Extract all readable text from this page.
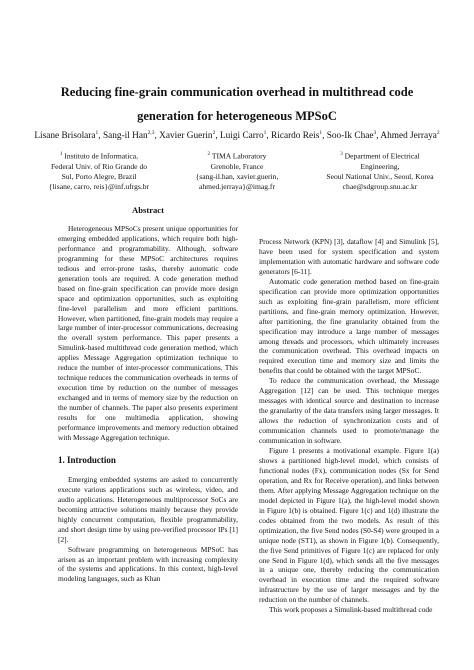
Reducing fine-grain communication overhead in multithread code
generation for heterogeneous MPSoC
Lisane Brisolara$^1$, Sang-il Han$^{2,3}$, Xavier Guerin$^2$, Luigi Carro$^1$, Ricardo Reis$^1$, Soo-Ik Chae$^3$, Ahmed Jerraya$^2$
$^1$ Instituto de Informatica,
Federal Univ. of Rio Grande do
Sul, Porto Alegre, Brazil
{lisane, carro, reis}@inf.ufrgs.br
$^2$ TIMA Laboratory
Grenoble, France
{sang-il.han, xavier.guerin,
ahmed.jerraya}@imag.fr
$^3$ Department of Electrical
Engineering,
Seoul National Univ., Seoul, Korea
chae@sdgroup.snu.ac.kr
Abstract

Heterogeneous MPSoCs present unique opportunities for emerging embedded applications, which require both high-performance and programmability. Although, software programming for these MPSoC architectures requires tedious and error-prone tasks, thereby automatic code generation tools are required. A code generation method based on fine-grain specification can provide more design space and optimization opportunities, such as exploiting fine-level parallelism and more efficient partitions. However, when partitioned, fine-grain models may require a large number of inter-processor communications, decreasing the overall system performance. This paper presents a Simulink-based multithread code generation method, which applies Message Aggregation optimization technique to reduce the number of inter-processor communications. This technique reduces the communication overheads in terms of execution time by reduction on the number of messages exchanged and in terms of memory size by the reduction on the number of channels. The paper also presents experiment results for one multimedia application, showing performance improvements and memory reduction obtained with Message Aggregation technique.

1. Introduction

Emerging embedded systems are asked to concurrently execute various applications such as wireless, video, and audio applications. Heterogeneous multiprocessor SoCs are becoming attractive solutions mainly because they provide highly concurrent computation, flexible programmability, and short design time by using pre-verified processor IPs [1][2].

Software programming on heterogeneous MPSoC has arisen as an important problem with increasing complexity of the systems and applications. In this context, high-level modeling languages, such as Khan

Process Network (KPN) [3], dataflow [4] and Simulink [5], have been used for system specification and system implementation with automatic hardware and software code generators [6-11].

Automatic code generation method based on fine-grain specification can provide more optimization opportunities such as exploiting fine-grain parallelism, more efficient partitions, and fine-grain memory optimization. However, after partitioning, the fine granularity obtained from the specification may introduce a large number of messages among threads and processors, which ultimately increases the communication overhead. This overhead impacts on required execution time and memory size and limits the benefits that could be obtained with the target MPSoC.

To reduce the communication overhead, the Message Aggregation [12] can be used. This technique merges messages with identical source and destination to increase the granularity of the data transfers using larger messages. It allows the reduction of synchronization costs and of communication channels used to promote/manage the communication in software.

Figure 1 presents a motivational example. Figure 1(a) shows a partitioned high-level model, which consists of functional nodes (Fx), communication nodes (Sx for Send operation, and Rx for Receive operation), and links between them. After applying Message Aggregation technique on the model depicted in Figure 1(a), the high-level model shown in Figure 1(b) is obtained. Figure 1(c) and 1(d) illustrate the codes obtained from the two models. As result of this optimization, the five Send nodes (S0-S4) were grouped in a unique node (ST1), as shown in Figure 1(b). Consequently, the five Send primitives of Figure 1(c) are replaced for only one Send in Figure 1(d), which sends all the five messages in a unique one, thereby reducing the communication overhead in execution time and the required software infrastructure by the use of larger messages and by the reduction on the number of channels.

This work proposes a Simulink-based multithread code
